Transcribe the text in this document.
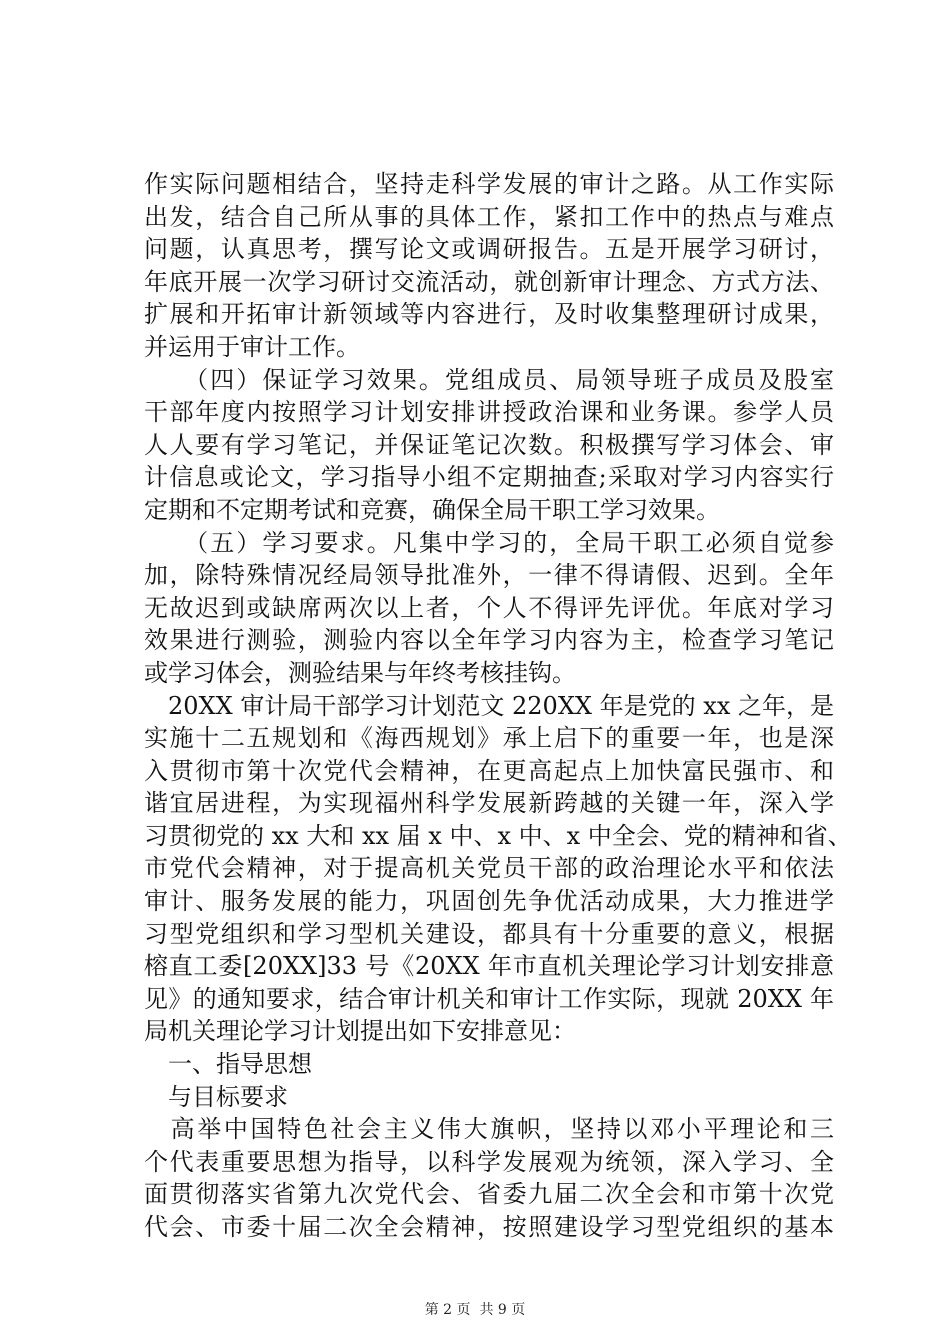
作实际问题相结合，坚持走科学发展的审计之路。从工作实际
出发，结合自己所从事的具体工作，紧扣工作中的热点与难点
问题，认真思考，撰写论文或调研报告。五是开展学习研讨，
年底开展一次学习研讨交流活动，就创新审计理念、方式方法、
扩展和开拓审计新领域等内容进行，及时收集整理研讨成果，
并运用于审计工作。
　　（四）保证学习效果。党组成员、局领导班子成员及股室
干部年度内按照学习计划安排讲授政治课和业务课。参学人员
人人要有学习笔记，并保证笔记次数。积极撰写学习体会、审
计信息或论文，学习指导小组不定期抽查;采取对学习内容实行
定期和不定期考试和竞赛，确保全局干职工学习效果。
　　（五）学习要求。凡集中学习的，全局干职工必须自觉参
加，除特殊情况经局领导批准外，一律不得请假、迟到。全年
无故迟到或缺席两次以上者，个人不得评先评优。年底对学习
效果进行测验，测验内容以全年学习内容为主，检查学习笔记
或学习体会，测验结果与年终考核挂钩。
　20XX 审计局干部学习计划范文 220XX 年是党的 xx 之年，是
实施十二五规划和《海西规划》承上启下的重要一年，也是深
入贯彻市第十次党代会精神，在更高起点上加快富民强市、和
谐宜居进程，为实现福州科学发展新跨越的关键一年，深入学
习贯彻党的 xx 大和 xx 届 x 中、x 中、x 中全会、党的精神和省、
市党代会精神，对于提高机关党员干部的政治理论水平和依法
审计、服务发展的能力，巩固创先争优活动成果，大力推进学
习型党组织和学习型机关建设，都具有十分重要的意义，根据
榕直工委[20XX]33 号《20XX 年市直机关理论学习计划安排意
见》的通知要求，结合审计机关和审计工作实际，现就 20XX 年
局机关理论学习计划提出如下安排意见：
　一、指导思想
　与目标要求
　高举中国特色社会主义伟大旗帜，坚持以邓小平理论和三
个代表重要思想为指导，以科学发展观为统领，深入学习、全
面贯彻落实省第九次党代会、省委九届二次全会和市第十次党
代会、市委十届二次全会精神，按照建设学习型党组织的基本
第 2 页  共 9 页
